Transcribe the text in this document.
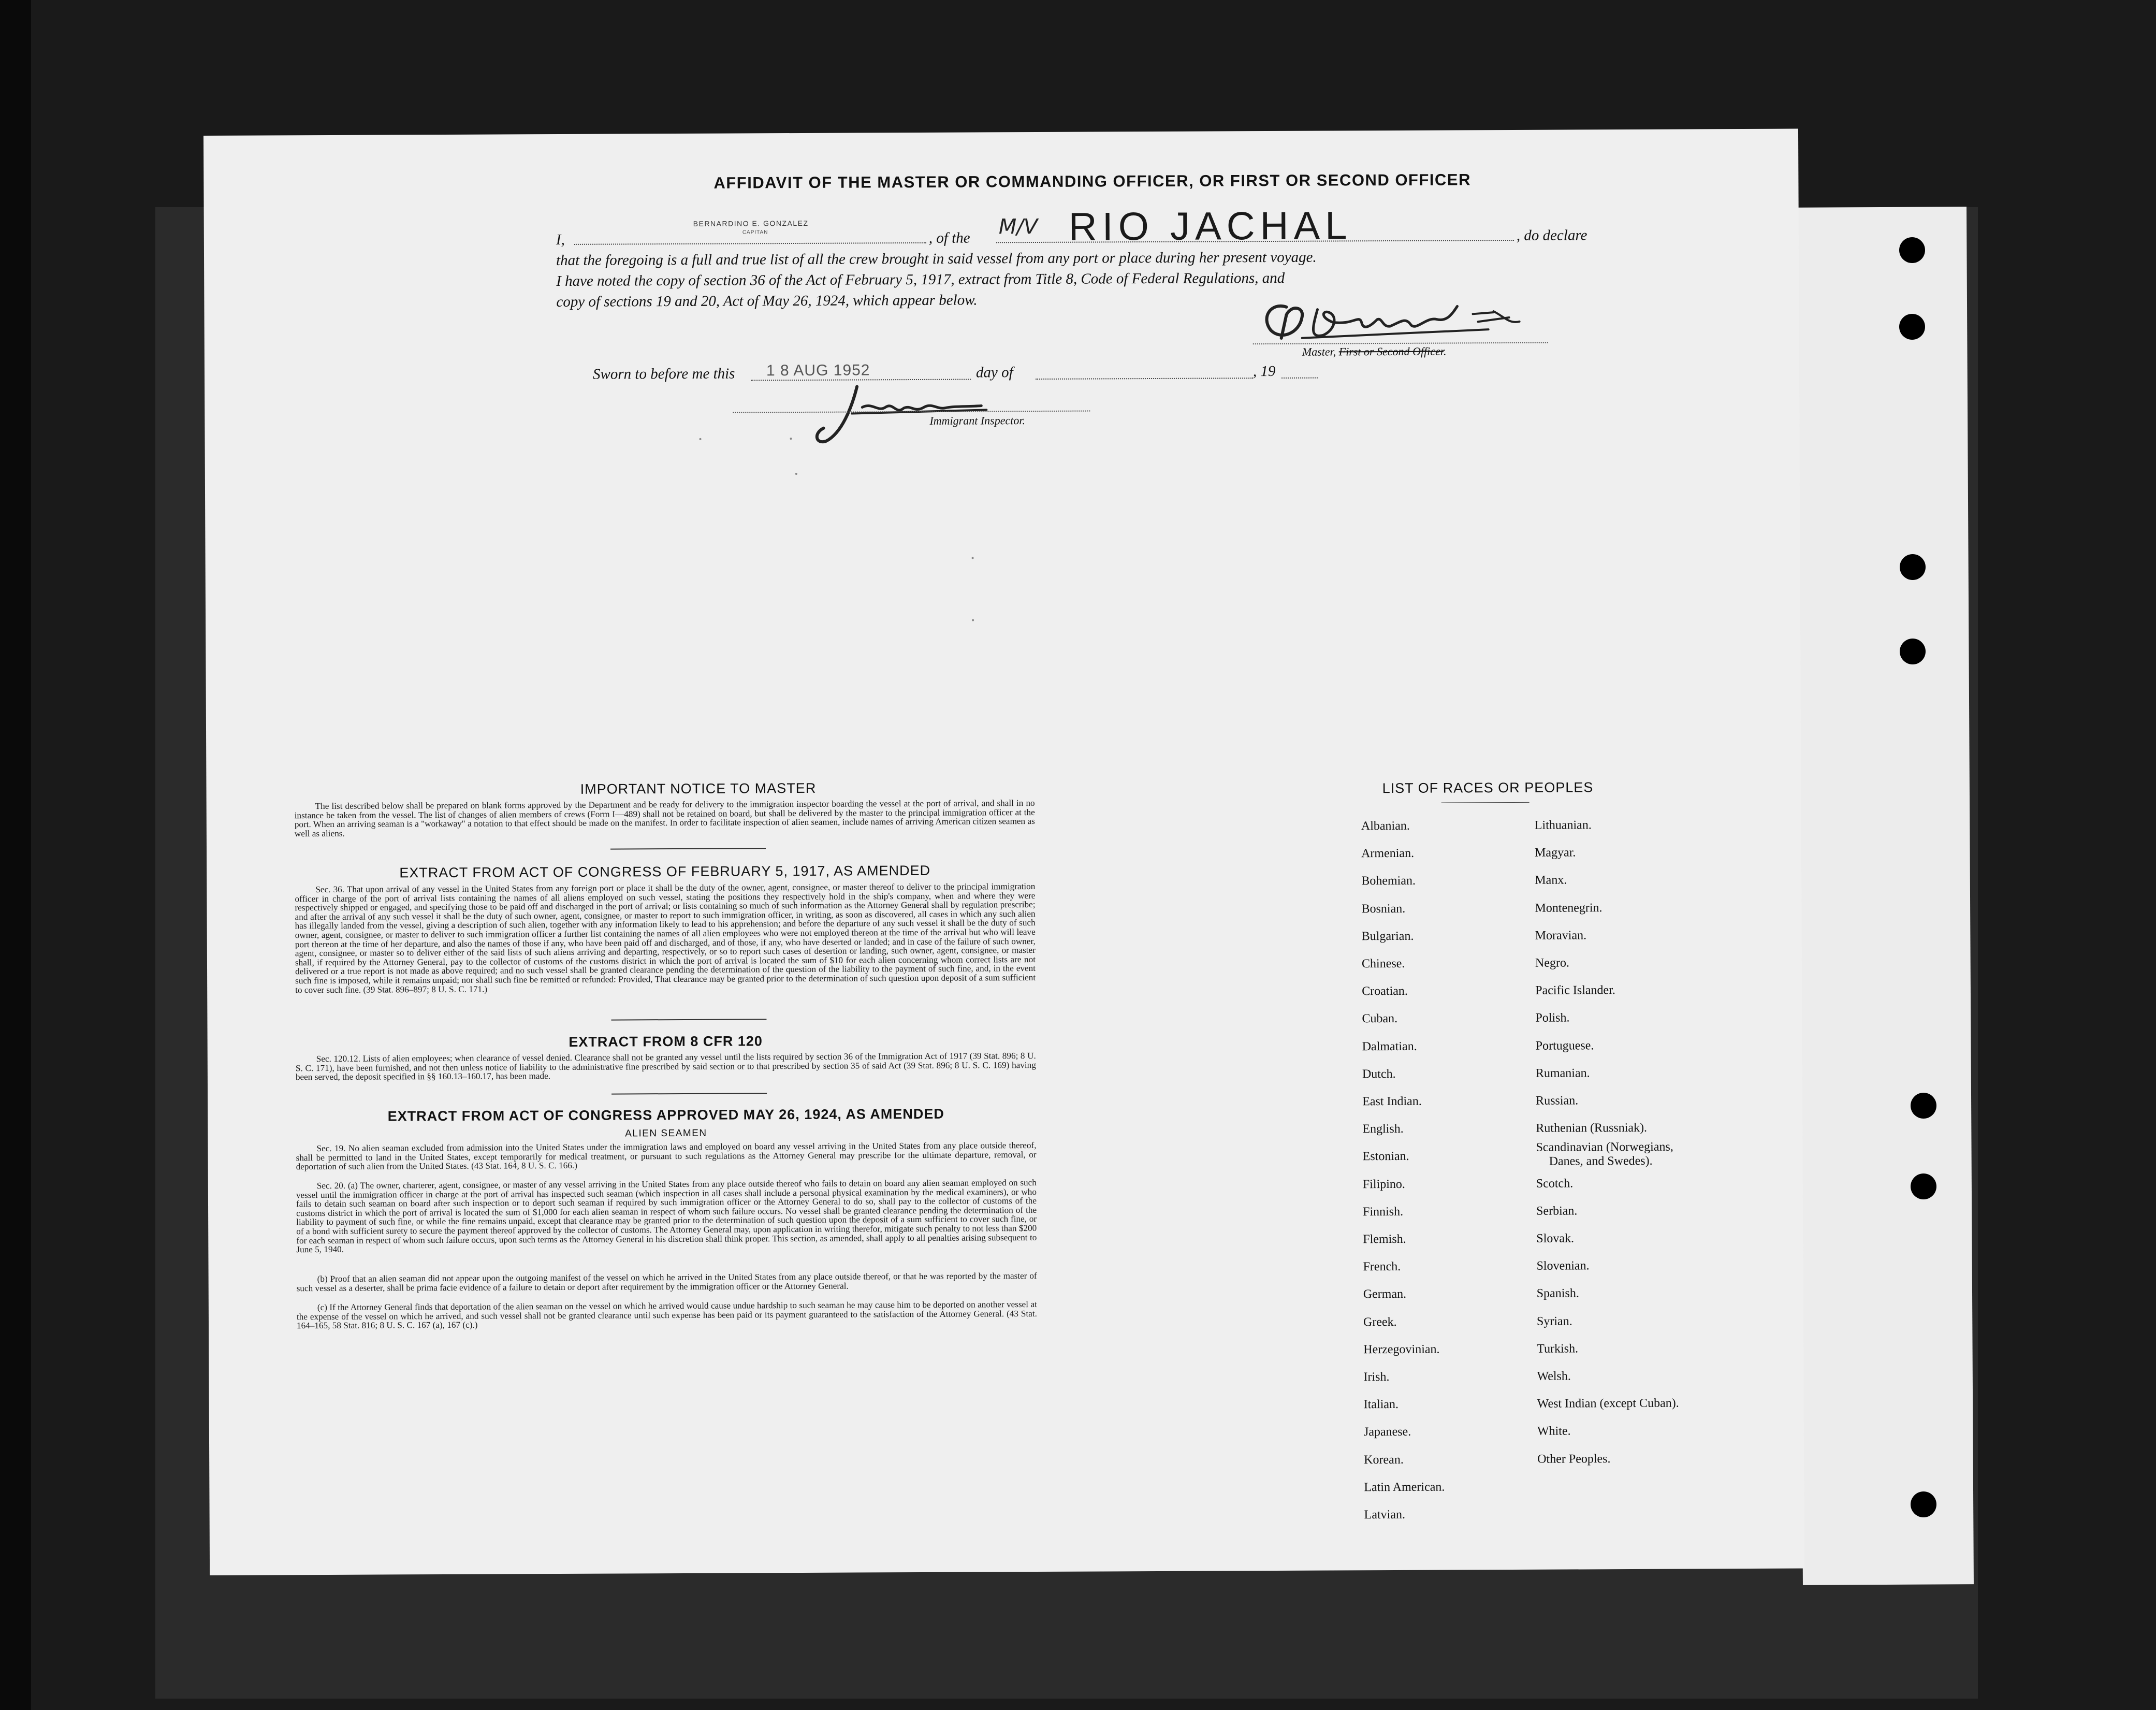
AFFIDAVIT OF THE MASTER OR COMMANDING OFFICER, OR FIRST OR SECOND OFFICER
I,
BERNARDINO E. GONZALEZ
CAPITAN	, of the M/V RIO JACHAL	, do declare
that the foregoing is a full and true list of all the crew brought in said vessel from any port or place during her present voyage.
I have noted the copy of section 36 of the Act of February 5, 1917, extract from Title 8, Code of Federal Regulations, and
copy of sections 19 and 20, Act of May 26, 1924, which appear below.
Master, First or Second Officer.
Sworn to before me this 1 8 AUG 1952	day of	, 19
Immigrant Inspector.
IMPORTANT NOTICE TO MASTER
The list described below shall be prepared on blank forms approved by the Department and be ready for delivery to the immigration inspector boarding the vessel at the port of arrival, and shall in no instance be taken from the vessel. The list of changes of alien members of crews (Form I—489) shall not be retained on board, but shall be delivered by the master to the principal immigration officer at the port. When an arriving seaman is a "workaway" a notation to that effect should be made on the manifest. In order to facilitate inspection of alien seamen, include names of arriving American citizen seamen as well as aliens.
EXTRACT FROM ACT OF CONGRESS OF FEBRUARY 5, 1917, AS AMENDED
Sec. 36. That upon arrival of any vessel in the United States from any foreign port or place it shall be the duty of the owner, agent, consignee, or master thereof to deliver to the principal immigration officer in charge of the port of arrival lists containing the names of all aliens employed on such vessel, stating the positions they respectively hold in the ship's company, when and where they were respectively shipped or engaged, and specifying those to be paid off and discharged in the port of arrival; or lists containing so much of such information as the Attorney General shall by regulation prescribe; and after the arrival of any such vessel it shall be the duty of such owner, agent, consignee, or master to report to such immigration officer, in writing, as soon as discovered, all cases in which any such alien has illegally landed from the vessel, giving a description of such alien, together with any information likely to lead to his apprehension; and before the departure of any such vessel it shall be the duty of such owner, agent, consignee, or master to deliver to such immigration officer a further list containing the names of all alien employees who were not employed thereon at the time of the arrival but who will leave port thereon at the time of her departure, and also the names of those if any, who have been paid off and discharged, and of those, if any, who have deserted or landed; and in case of the failure of such owner, agent, consignee, or master so to deliver either of the said lists of such aliens arriving and departing, respectively, or so to report such cases of desertion or landing, such owner, agent, consignee, or master shall, if required by the Attorney General, pay to the collector of customs of the customs district in which the port of arrival is located the sum of $10 for each alien concerning whom correct lists are not delivered or a true report is not made as above required; and no such vessel shall be granted clearance pending the determination of the question of the liability to the payment of such fine, and, in the event such fine is imposed, while it remains unpaid; nor shall such fine be remitted or refunded: Provided, That clearance may be granted prior to the determination of such question upon deposit of a sum sufficient to cover such fine. (39 Stat. 896–897; 8 U. S. C. 171.)
EXTRACT FROM 8 CFR 120
Sec. 120.12. Lists of alien employees; when clearance of vessel denied. Clearance shall not be granted any vessel until the lists required by section 36 of the Immigration Act of 1917 (39 Stat. 896; 8 U. S. C. 171), have been furnished, and not then unless notice of liability to the administrative fine prescribed by said section or to that prescribed by section 35 of said Act (39 Stat. 896; 8 U. S. C. 169) having been served, the deposit specified in §§ 160.13–160.17, has been made.
EXTRACT FROM ACT OF CONGRESS APPROVED MAY 26, 1924, AS AMENDED
ALIEN SEAMEN
Sec. 19. No alien seaman excluded from admission into the United States under the immigration laws and employed on board any vessel arriving in the United States from any place outside thereof, shall be permitted to land in the United States, except temporarily for medical treatment, or pursuant to such regulations as the Attorney General may prescribe for the ultimate departure, removal, or deportation of such alien from the United States. (43 Stat. 164, 8 U. S. C. 166.)
Sec. 20. (a) The owner, charterer, agent, consignee, or master of any vessel arriving in the United States from any place outside thereof who fails to detain on board any alien seaman employed on such vessel until the immigration officer in charge at the port of arrival has inspected such seaman (which inspection in all cases shall include a personal physical examination by the medical examiners), or who fails to detain such seaman on board after such inspection or to deport such seaman if required by such immigration officer or the Attorney General to do so, shall pay to the collector of customs of the customs district in which the port of arrival is located the sum of $1,000 for each alien seaman in respect of whom such failure occurs. No vessel shall be granted clearance pending the determination of the liability to payment of such fine, or while the fine remains unpaid, except that clearance may be granted prior to the determination of such question upon the deposit of a sum sufficient to cover such fine, or of a bond with sufficient surety to secure the payment thereof approved by the collector of customs. The Attorney General may, upon application in writing therefor, mitigate such penalty to not less than $200 for each seaman in respect of whom such failure occurs, upon such terms as the Attorney General in his discretion shall think proper. This section, as amended, shall apply to all penalties arising subsequent to June 5, 1940.
(b) Proof that an alien seaman did not appear upon the outgoing manifest of the vessel on which he arrived in the United States from any place outside thereof, or that he was reported by the master of such vessel as a deserter, shall be prima facie evidence of a failure to detain or deport after requirement by the immigration officer or the Attorney General.
(c) If the Attorney General finds that deportation of the alien seaman on the vessel on which he arrived would cause undue hardship to such seaman he may cause him to be deported on another vessel at the expense of the vessel on which he arrived, and such vessel shall not be granted clearance until such expense has been paid or its payment guaranteed to the satisfaction of the Attorney General. (43 Stat. 164–165, 58 Stat. 816; 8 U. S. C. 167 (a), 167 (c).)
LIST OF RACES OR PEOPLES
Albanian.
Armenian.
Bohemian.
Bosnian.
Bulgarian.
Chinese.
Croatian.
Cuban.
Dalmatian.
Dutch.
East Indian.
English.
Estonian.
Filipino.
Finnish.
Flemish.
French.
German.
Greek.
Herzegovinian.
Irish.
Italian.
Japanese.
Korean.
Latin American.
Latvian.
Lithuanian.
Magyar.
Manx.
Montenegrin.
Moravian.
Negro.
Pacific Islander.
Polish.
Portuguese.
Rumanian.
Russian.
Ruthenian (Russniak).
Scandinavian (Norwegians,
Danes, and Swedes).
Scotch.
Serbian.
Slovak.
Slovenian.
Spanish.
Syrian.
Turkish.
Welsh.
West Indian (except Cuban).
White.
Other Peoples.
